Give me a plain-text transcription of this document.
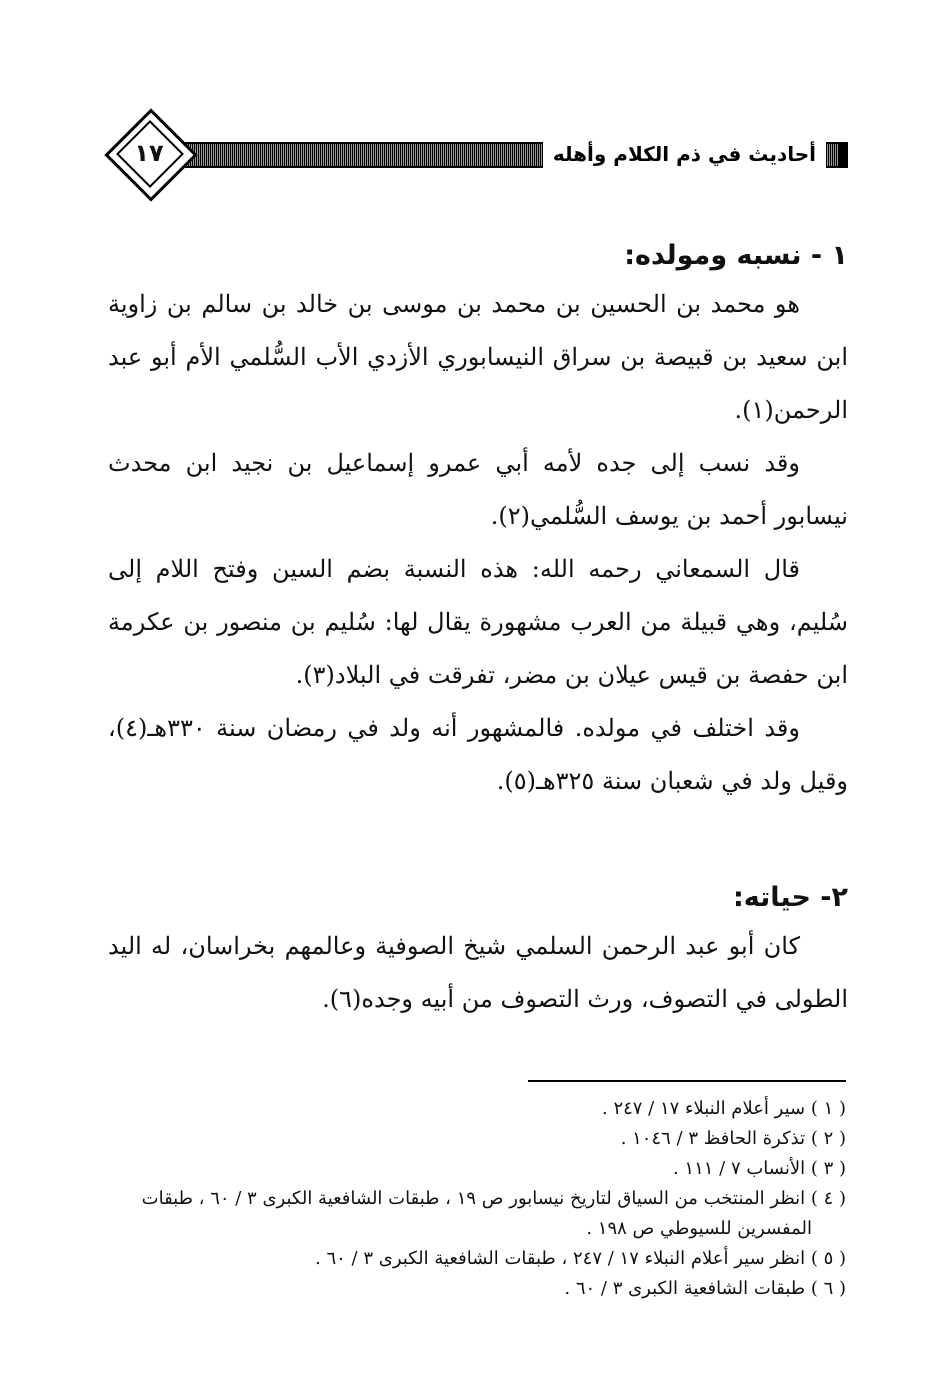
أحاديث في ذم الكلام وأهله
١٧
١ - نسبه ومولده:

هو محمد بن الحسين بن محمد بن موسى بن خالد بن سالم بن زاوية ابن سعيد بن قبيصة بن سراق النيسابوري الأزدي الأب السُّلمي الأم أبو عبد الرحمن(١).

وقد نسب إلى جده لأمه أبي عمرو إسماعيل بن نجيد ابن محدث نيسابور أحمد بن يوسف السُّلمي(٢).

قال السمعاني رحمه الله: هذه النسبة بضم السين وفتح اللام إلى سُليم، وهي قبيلة من العرب مشهورة يقال لها: سُليم بن منصور بن عكرمة ابن حفصة بن قيس عيلان بن مضر، تفرقت في البلاد(٣).

وقد اختلف في مولده. فالمشهور أنه ولد في رمضان سنة ٣٣٠هـ(٤)، وقيل ولد في شعبان سنة ٣٢٥هـ(٥).

٢- حياته:

كان أبو عبد الرحمن السلمي شيخ الصوفية وعالمهم بخراسان، له اليد الطولى في التصوف، ورث التصوف من أبيه وجده(٦).

( ١ ) سير أعلام النبلاء ١٧ / ٢٤٧ .

( ٢ ) تذكرة الحافظ ٣ / ١٠٤٦ .

( ٣ ) الأنساب ٧ / ١١١ .

( ٤ ) انظر المنتخب من السياق لتاريخ نيسابور ص ١٩ ، طبقات الشافعية الكبرى ٣ / ٦٠ ، طبقات

المفسرين للسيوطي ص ١٩٨ .

( ٥ ) انظر سير أعلام النبلاء ١٧ / ٢٤٧ ، طبقات الشافعية الكبرى ٣ / ٦٠ .

( ٦ ) طبقات الشافعية الكبرى ٣ / ٦٠ .
